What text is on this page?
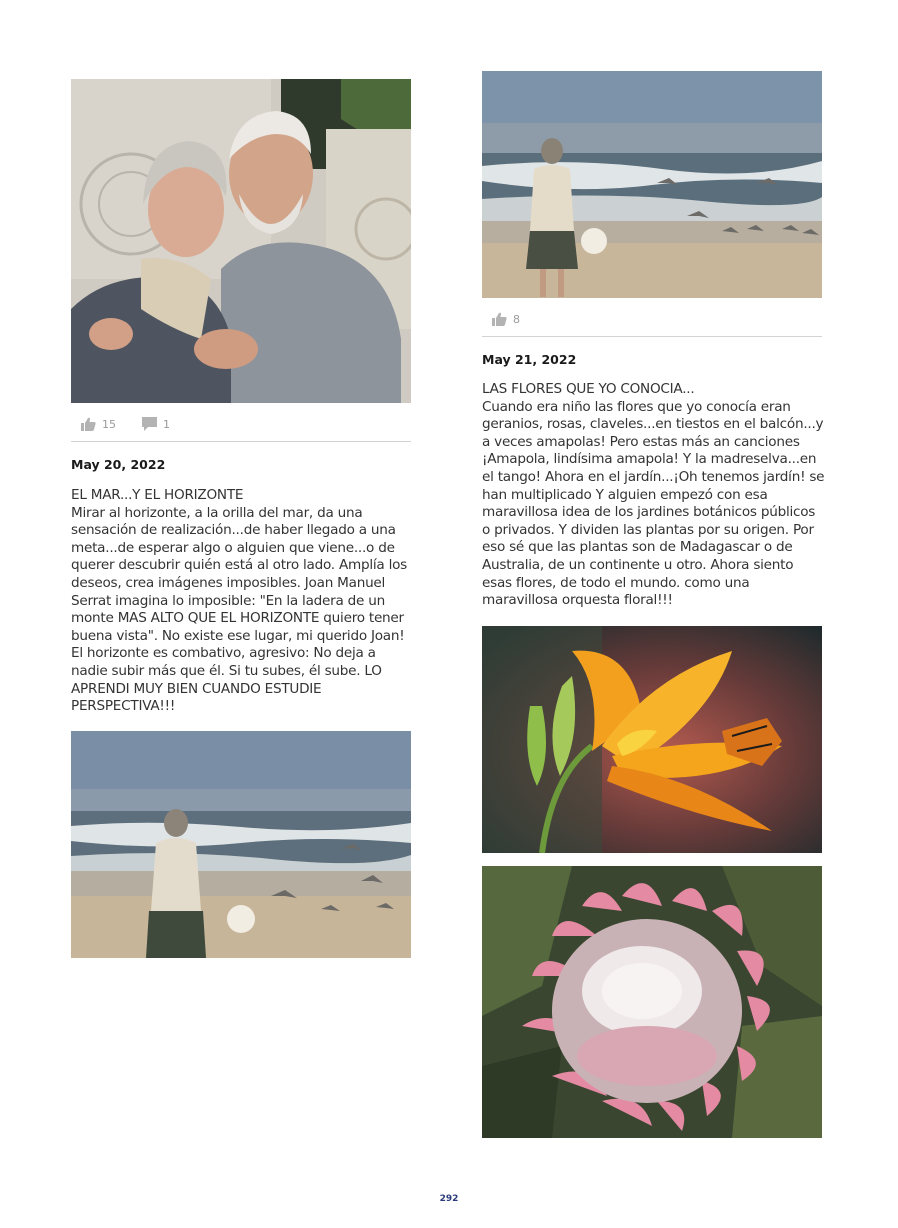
15	1
May 20, 2022

EL MAR...Y EL HORIZONTE

Mirar al horizonte, a la orilla del mar, da una sensación de realización...de haber llegado a una meta...de esperar algo o alguien que viene...o de querer descubrir quién está al otro lado. Amplía los deseos, crea imágenes imposibles. Joan Manuel Serrat imagina lo imposible: "En la ladera de un monte MAS ALTO QUE EL HORIZONTE quiero tener buena vista". No existe ese lugar, mi querido Joan! El horizonte es combativo, agresivo: No deja a nadie subir más que él. Si tu subes, él sube. LO APRENDI MUY BIEN CUANDO ESTUDIE PERSPECTIVA!!!

8
May 21, 2022

LAS FLORES QUE YO CONOCIA...

Cuando era niño las flores que yo conocía eran geranios, rosas, claveles...en tiestos en el balcón...y a veces amapolas! Pero estas más an canciones ¡Amapola, lindísima amapola! Y la madreselva...en el tango! Ahora en el jardín...¡Oh tenemos jardín! se han multiplicado Y alguien empezó con esa maravillosa idea de los jardines botánicos públicos o privados. Y dividen las plantas por su origen. Por eso sé que las plantas son de Madagascar o de Australia, de un continente u otro. Ahora siento esas flores, de todo el mundo. como una maravillosa orquesta floral!!!

292
